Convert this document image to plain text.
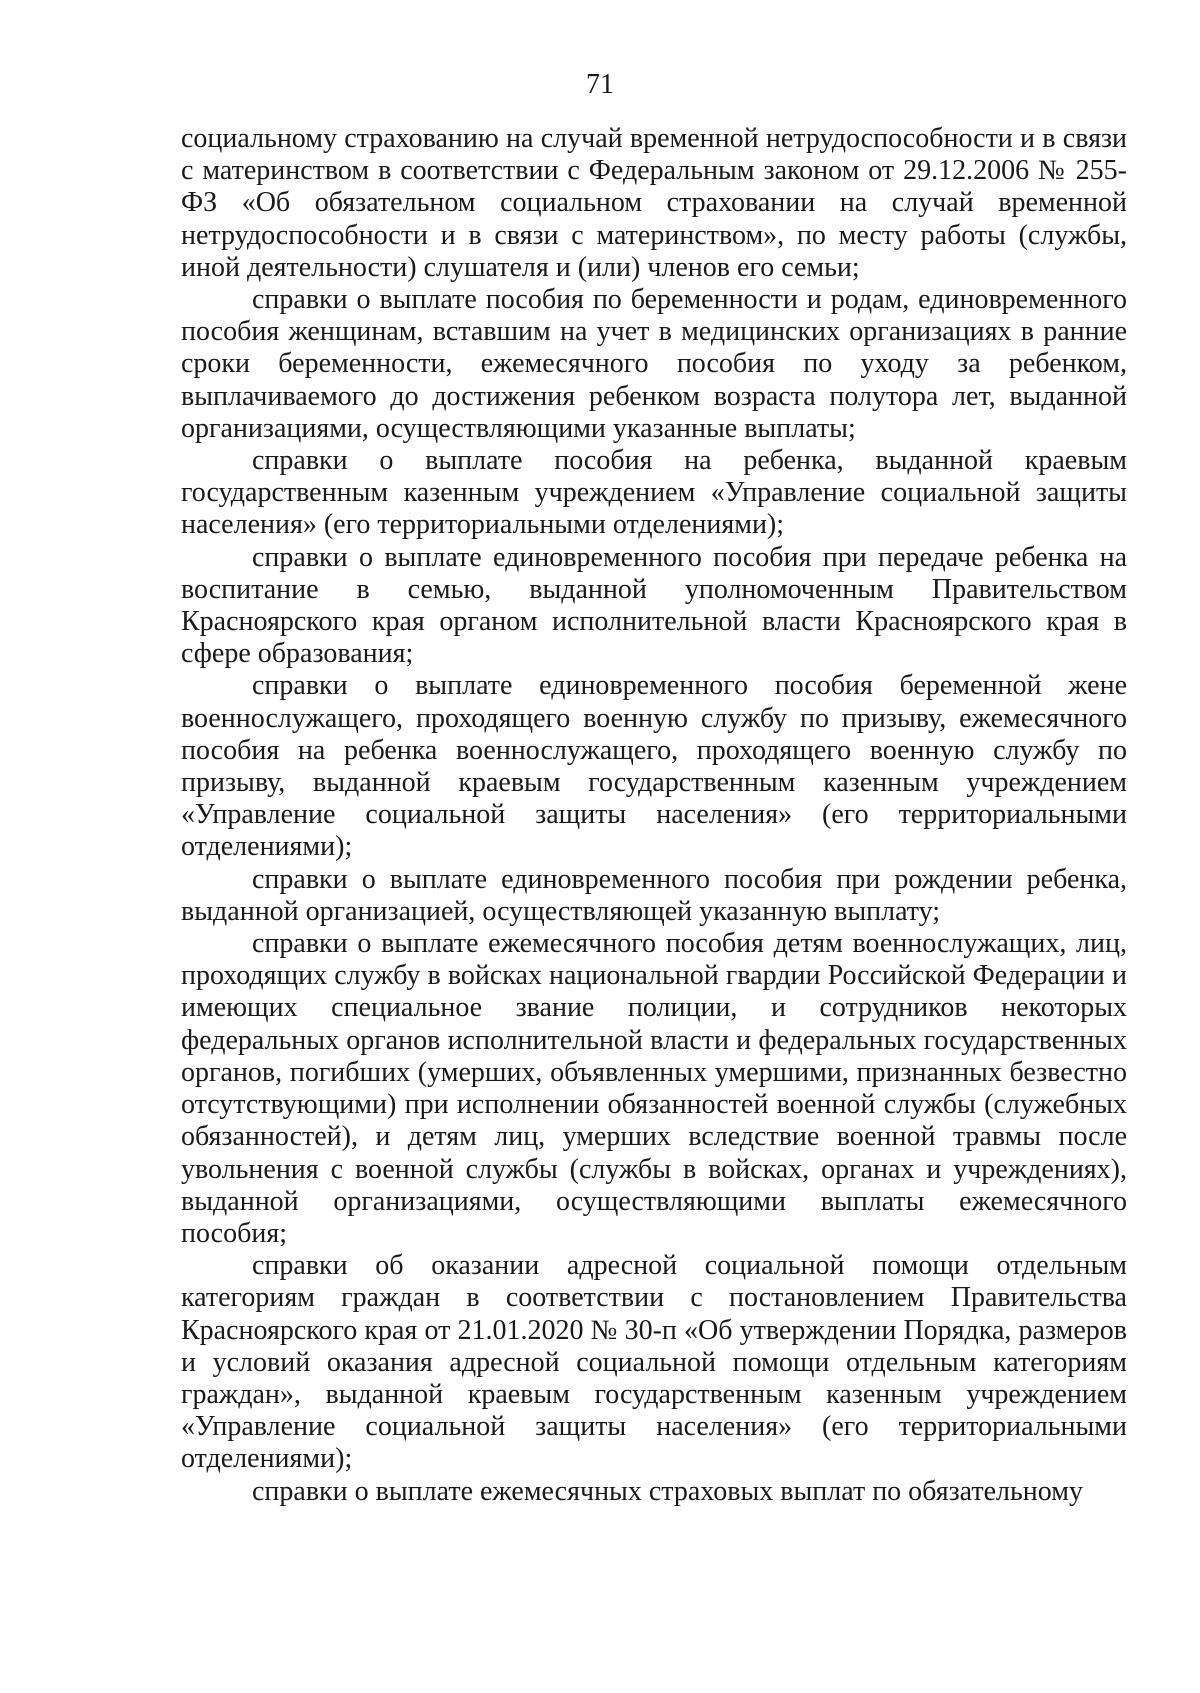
71

социальному страхованию на случай временной нетрудоспособности и в связи с материнством в соответствии с Федеральным законом от 29.12.2006 № 255-ФЗ «Об обязательном социальном страховании на случай временной нетрудоспособности и в связи с материнством», по месту работы (службы, иной деятельности) слушателя и (или) членов его семьи;

справки о выплате пособия по беременности и родам, единовременного пособия женщинам, вставшим на учет в медицинских организациях в ранние сроки беременности, ежемесячного пособия по уходу за ребенком, выплачиваемого до достижения ребенком возраста полутора лет, выданной организациями, осуществляющими указанные выплаты;

справки о выплате пособия на ребенка, выданной краевым государственным казенным учреждением «Управление социальной защиты населения» (его территориальными отделениями);

справки о выплате единовременного пособия при передаче ребенка на воспитание в семью, выданной уполномоченным Правительством Красноярского края органом исполнительной власти Красноярского края в сфере образования;

справки о выплате единовременного пособия беременной жене военнослужащего, проходящего военную службу по призыву, ежемесячного пособия на ребенка военнослужащего, проходящего военную службу по призыву, выданной краевым государственным казенным учреждением «Управление социальной защиты населения» (его территориальными отделениями);

справки о выплате единовременного пособия при рождении ребенка, выданной организацией, осуществляющей указанную выплату;

справки о выплате ежемесячного пособия детям военнослужащих, лиц, проходящих службу в войсках национальной гвардии Российской Федерации и имеющих специальное звание полиции, и сотрудников некоторых федеральных органов исполнительной власти и федеральных государственных органов, погибших (умерших, объявленных умершими, признанных безвестно отсутствующими) при исполнении обязанностей военной службы (служебных обязанностей), и детям лиц, умерших вследствие военной травмы после увольнения с военной службы (службы в войсках, органах и учреждениях), выданной организациями, осуществляющими выплаты ежемесячного пособия;

справки об оказании адресной социальной помощи отдельным категориям граждан в соответствии с постановлением Правительства Красноярского края от 21.01.2020 № 30-п «Об утверждении Порядка, размеров и условий оказания адресной социальной помощи отдельным категориям граждан», выданной краевым государственным казенным учреждением «Управление социальной защиты населения» (его территориальными отделениями);

справки о выплате ежемесячных страховых выплат по обязательному
